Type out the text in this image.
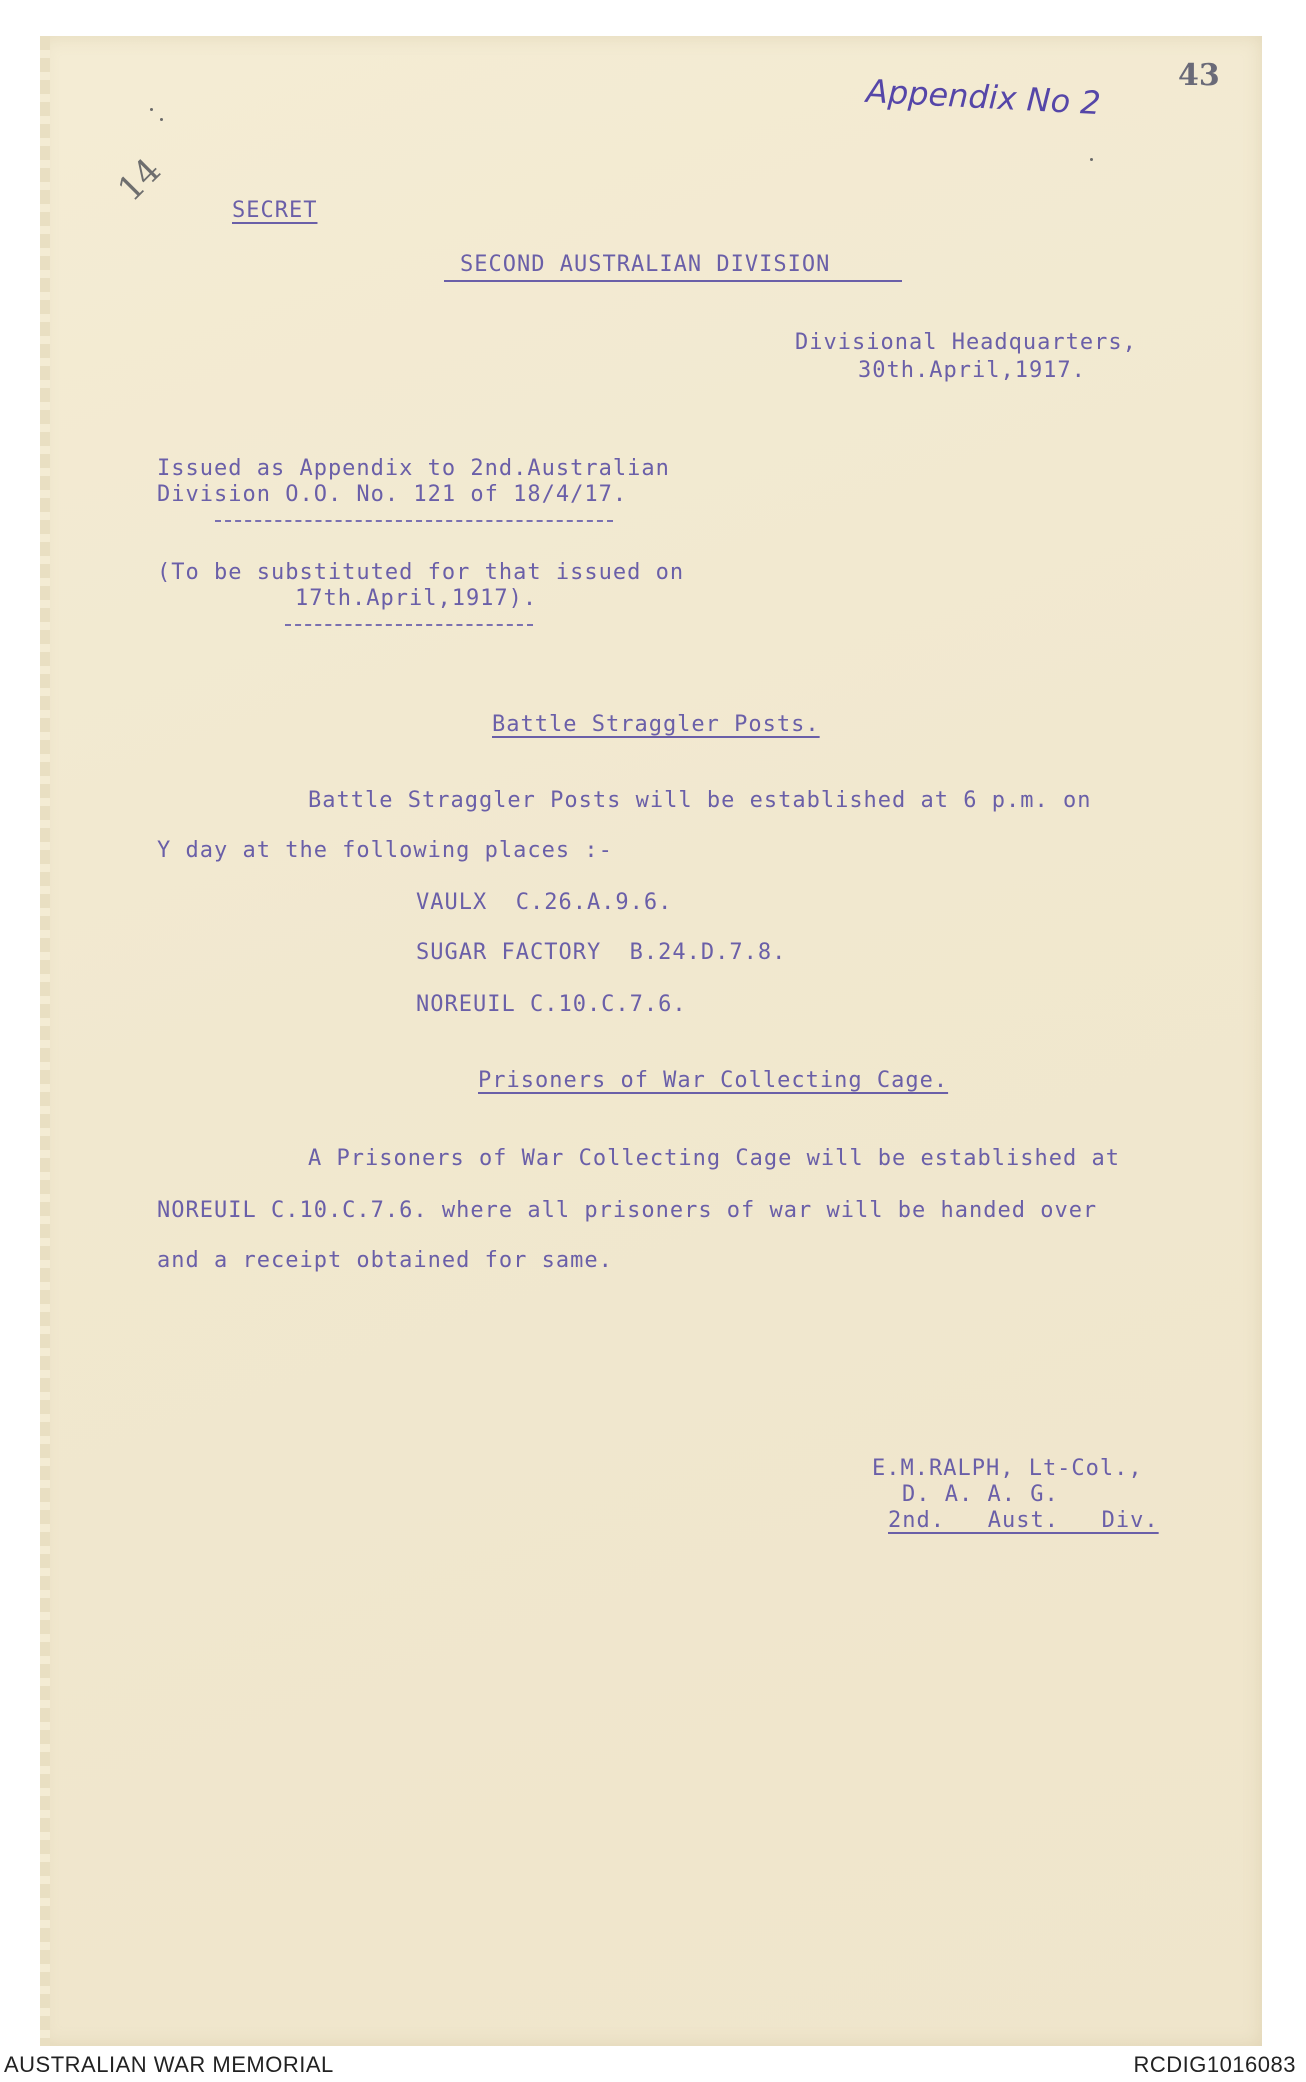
Appendix No 2	43
14
SECRET
SECOND AUSTRALIAN DIVISION
Divisional Headquarters,
30th.April,1917.
Issued as Appendix to 2nd.Australian
Division O.O. No. 121 of 18/4/17.
(To be substituted for that issued on
17th.April,1917).
Battle Straggler Posts.
Battle Straggler Posts will be established at 6 p.m. on
Y day at the following places :-
VAULX  C.26.A.9.6.
SUGAR FACTORY  B.24.D.7.8.
NOREUIL C.10.C.7.6.
Prisoners of War Collecting Cage.
A Prisoners of War Collecting Cage will be established at
NOREUIL C.10.C.7.6. where all prisoners of war will be handed over
and a receipt obtained for same.
E.M.RALPH, Lt-Col.,
D. A. A. G.
2nd.   Aust.   Div.
AUSTRALIAN WAR MEMORIAL	RCDIG1016083
